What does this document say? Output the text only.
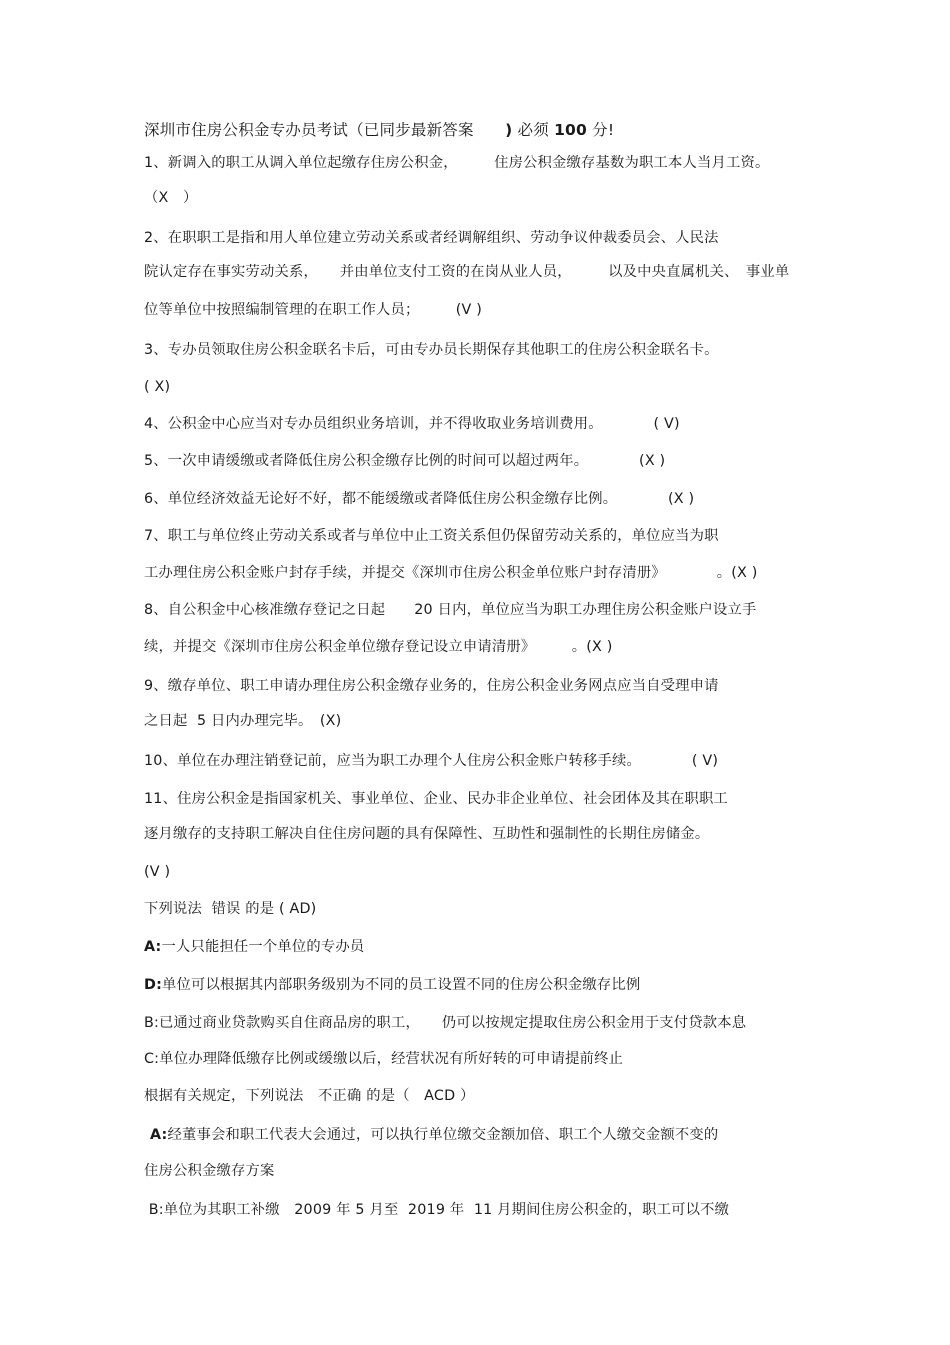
深圳市住房公积金专办员考试（已同步最新答案　　) 必须 100 分!
1、新调入的职工从调入单位起缴存住房公积金，　　　住房公积金缴存基数为职工本人当月工资。
（X　）
2、在职职工是指和用人单位建立劳动关系或者经调解组织、劳动争议仲裁委员会、人民法
院认定存在事实劳动关系，　　并由单位支付工资的在岗从业人员，　　　以及中央直属机关、　事业单
位等单位中按照编制管理的在职工作人员；　　　(V )
3、专办员领取住房公积金联名卡后，可由专办员长期保存其他职工的住房公积金联名卡。
( X)
4、公积金中心应当对专办员组织业务培训，并不得收取业务培训费用。　　　　( V)
5、一次申请缓缴或者降低住房公积金缴存比例的时间可以超过两年。　　　　(X )
6、单位经济效益无论好不好，都不能缓缴或者降低住房公积金缴存比例。　　　　(X )
7、职工与单位终止劳动关系或者与单位中止工资关系但仍保留劳动关系的，单位应当为职
工办理住房公积金账户封存手续，并提交《深圳市住房公积金单位账户封存清册》　　　　。(X )
8、自公积金中心核准缴存登记之日起　　20 日内，单位应当为职工办理住房公积金账户设立手
续，并提交《深圳市住房公积金单位缴存登记设立申请清册》　　　。(X )
9、缴存单位、职工申请办理住房公积金缴存业务的，住房公积金业务网点应当自受理申请
之日起  5 日内办理完毕。　(X)
10、单位在办理注销登记前，应当为职工办理个人住房公积金账户转移手续。　　　　( V)
11、住房公积金是指国家机关、事业单位、企业、民办非企业单位、社会团体及其在职职工
逐月缴存的支持职工解决自住住房问题的具有保障性、互助性和强制性的长期住房储金。
(V )
下列说法  错误 的是 ( AD)
A:一人只能担任一个单位的专办员
D:单位可以根据其内部职务级别为不同的员工设置不同的住房公积金缴存比例
B:已通过商业贷款购买自住商品房的职工，　　仍可以按规定提取住房公积金用于支付贷款本息
C:单位办理降低缴存比例或缓缴以后，经营状况有所好转的可申请提前终止
根据有关规定，下列说法　不正确 的是（　ACD ）
A:经董事会和职工代表大会通过，可以执行单位缴交金额加倍、职工个人缴交金额不变的
住房公积金缴存方案
B:单位为其职工补缴　2009 年 5 月至  2019 年  11 月期间住房公积金的，职工可以不缴
